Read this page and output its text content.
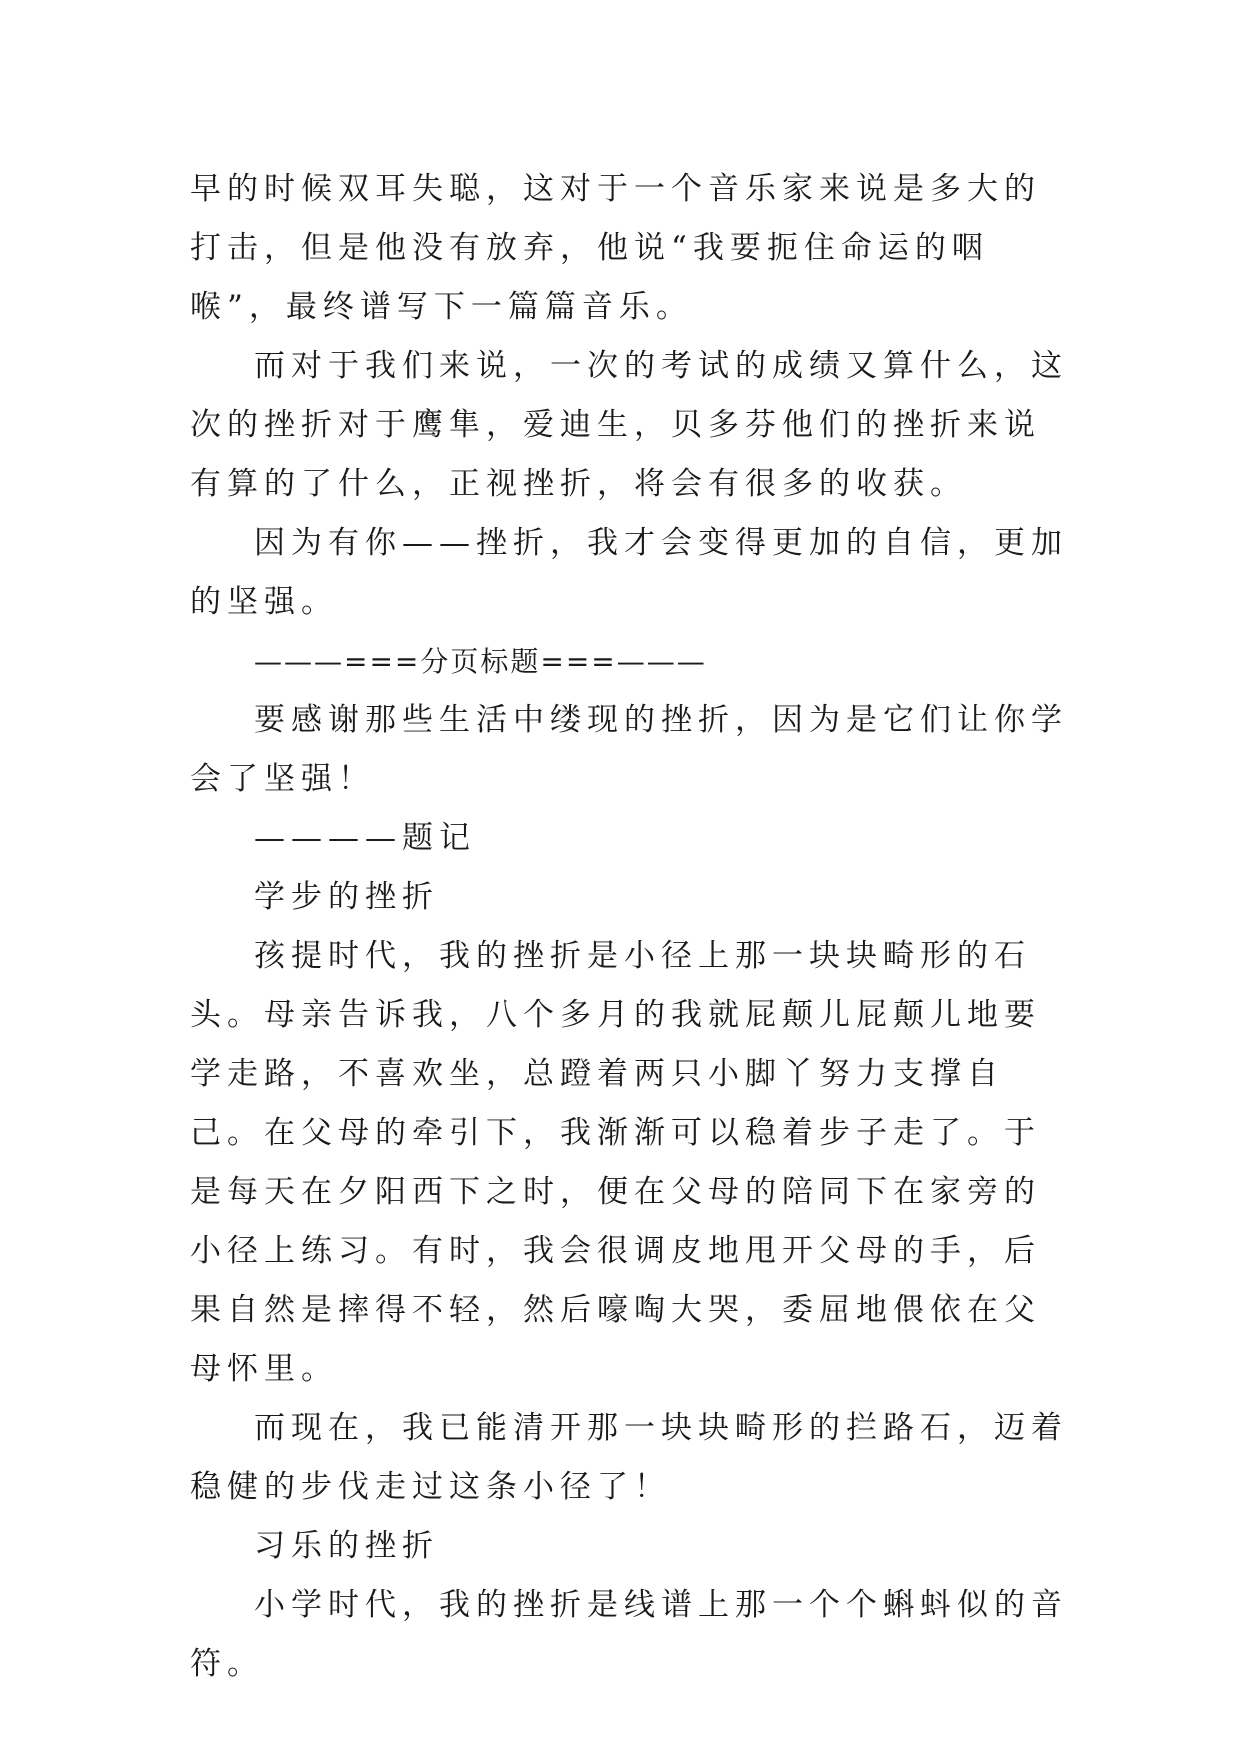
早的时候双耳失聪，这对于一个音乐家来说是多大的打击，但是他没有放弃，他说“我要扼住命运的咽喉”，最终谱写下一篇篇音乐。

而对于我们来说，一次的考试的成绩又算什么，这次的挫折对于鹰隼，爱迪生，贝多芬他们的挫折来说有算的了什么，正视挫折，将会有很多的收获。

因为有你——挫折，我才会变得更加的自信，更加的坚强。

———===分页标题===———

要感谢那些生活中缕现的挫折，因为是它们让你学会了坚强！

————题记

学步的挫折

孩提时代，我的挫折是小径上那一块块畸形的石头。母亲告诉我，八个多月的我就屁颠儿屁颠儿地要学走路，不喜欢坐，总蹬着两只小脚丫努力支撑自己。在父母的牵引下，我渐渐可以稳着步子走了。于是每天在夕阳西下之时，便在父母的陪同下在家旁的小径上练习。有时，我会很调皮地甩开父母的手，后果自然是摔得不轻，然后嚎啕大哭，委屈地偎依在父母怀里。

而现在，我已能清开那一块块畸形的拦路石，迈着稳健的步伐走过这条小径了！

习乐的挫折

小学时代，我的挫折是线谱上那一个个蝌蚪似的音符。
